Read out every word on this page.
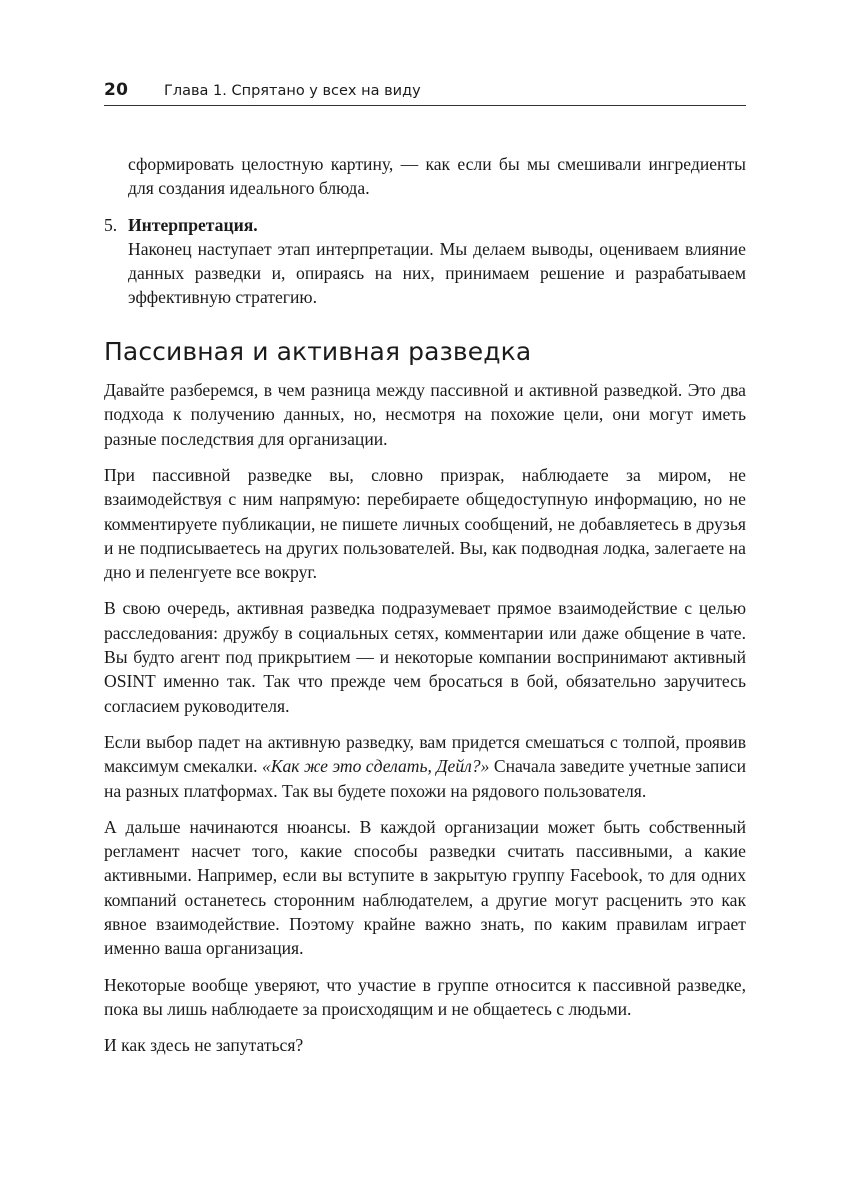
20	Глава 1. Спрятано у всех на виду

сформировать целостную картину, — как если бы мы смешивали ингредиенты для создания идеального блюда.

5. Интерпретация.
Наконец наступает этап интерпретации. Мы делаем выводы, оцениваем влияние данных разведки и, опираясь на них, принимаем решение и разрабатываем эффективную стратегию.
Пассивная и активная разведка

Давайте разберемся, в чем разница между пассивной и активной разведкой. Это два подхода к получению данных, но, несмотря на похожие цели, они могут иметь разные последствия для организации.

При пассивной разведке вы, словно призрак, наблюдаете за миром, не взаимодействуя с ним напрямую: перебираете общедоступную информацию, но не комментируете публикации, не пишете личных сообщений, не добавляетесь в друзья и не подписываетесь на других пользователей. Вы, как подводная лодка, залегаете на дно и пеленгуете все вокруг.

В свою очередь, активная разведка подразумевает прямое взаимодействие с целью расследования: дружбу в социальных сетях, комментарии или даже общение в чате. Вы будто агент под прикрытием — и некоторые компании воспринимают активный OSINT именно так. Так что прежде чем бросаться в бой, обязательно заручитесь согласием руководителя.

Если выбор падет на активную разведку, вам придется смешаться с толпой, проявив максимум смекалки. «Как же это сделать, Дейл?» Сначала заведите учетные записи на разных платформах. Так вы будете похожи на рядового пользователя.

А дальше начинаются нюансы. В каждой организации может быть собственный регламент насчет того, какие способы разведки считать пассивными, а какие активными. Например, если вы вступите в закрытую группу Facebook, то для одних компаний останетесь сторонним наблюдателем, а другие могут расценить это как явное взаимодействие. Поэтому крайне важно знать, по каким правилам играет именно ваша организация.

Некоторые вообще уверяют, что участие в группе относится к пассивной разведке, пока вы лишь наблюдаете за происходящим и не общаетесь с людьми.

И как здесь не запутаться?
